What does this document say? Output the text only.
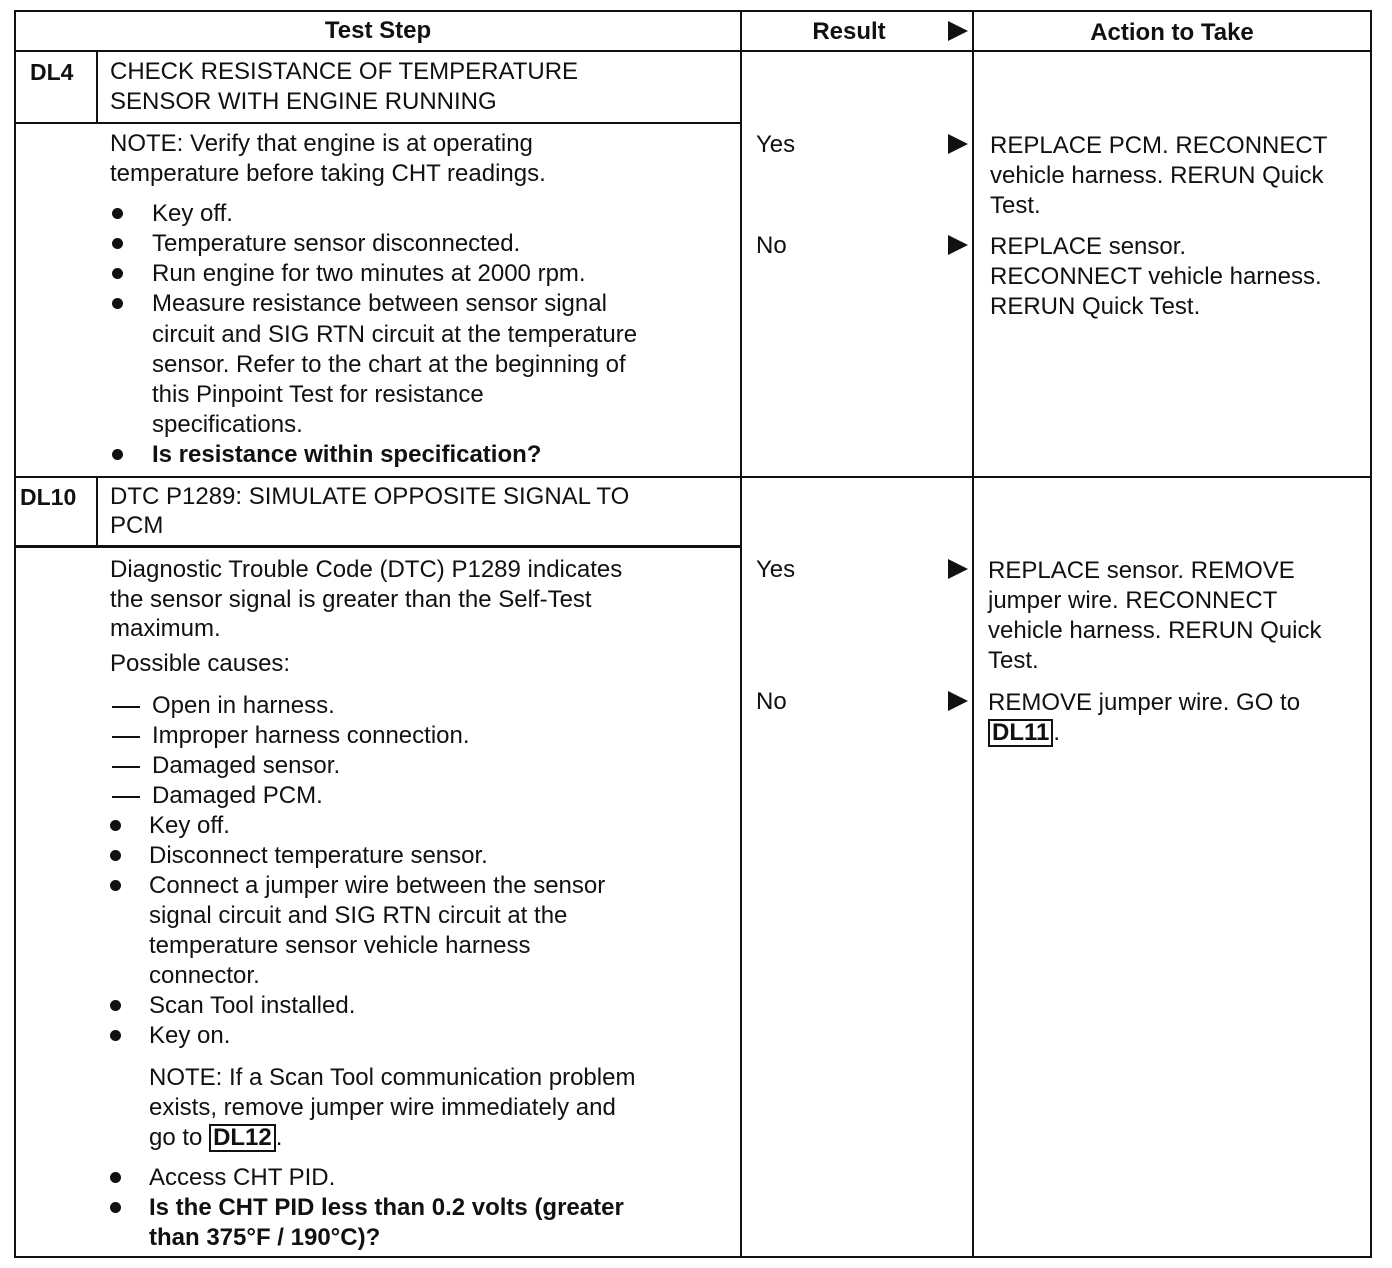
Test Step	Result	Action to Take
DL4 CHECK RESISTANCE OF TEMPERATURE
SENSOR WITH ENGINE RUNNING
NOTE: Verify that engine is at operating
temperature before taking CHT readings.
Key off.
Temperature sensor disconnected.
Run engine for two minutes at 2000 rpm.
Measure resistance between sensor signal
circuit and SIG RTN circuit at the temperature
sensor. Refer to the chart at the beginning of
this Pinpoint Test for resistance
specifications.
Is resistance within specification?
Yes
No
REPLACE PCM. RECONNECT
vehicle harness. RERUN Quick
Test.
REPLACE sensor.
RECONNECT vehicle harness.
RERUN Quick Test.
DL10 DTC P1289: SIMULATE OPPOSITE SIGNAL TO
PCM
Diagnostic Trouble Code (DTC) P1289 indicates
the sensor signal is greater than the Self-Test
maximum.
Possible causes:
Open in harness.
Improper harness connection.
Damaged sensor.
Damaged PCM.
Key off.
Disconnect temperature sensor.
Connect a jumper wire between the sensor
signal circuit and SIG RTN circuit at the
temperature sensor vehicle harness
connector.
Scan Tool installed.
Key on.
NOTE: If a Scan Tool communication problem
exists, remove jumper wire immediately and
go to DL12 .
Access CHT PID.
Is the CHT PID less than 0.2 volts (greater
than 375°F / 190°C)?
Yes
No
REPLACE sensor. REMOVE
jumper wire. RECONNECT
vehicle harness. RERUN Quick
Test.
REMOVE jumper wire. GO to
DL11 .
